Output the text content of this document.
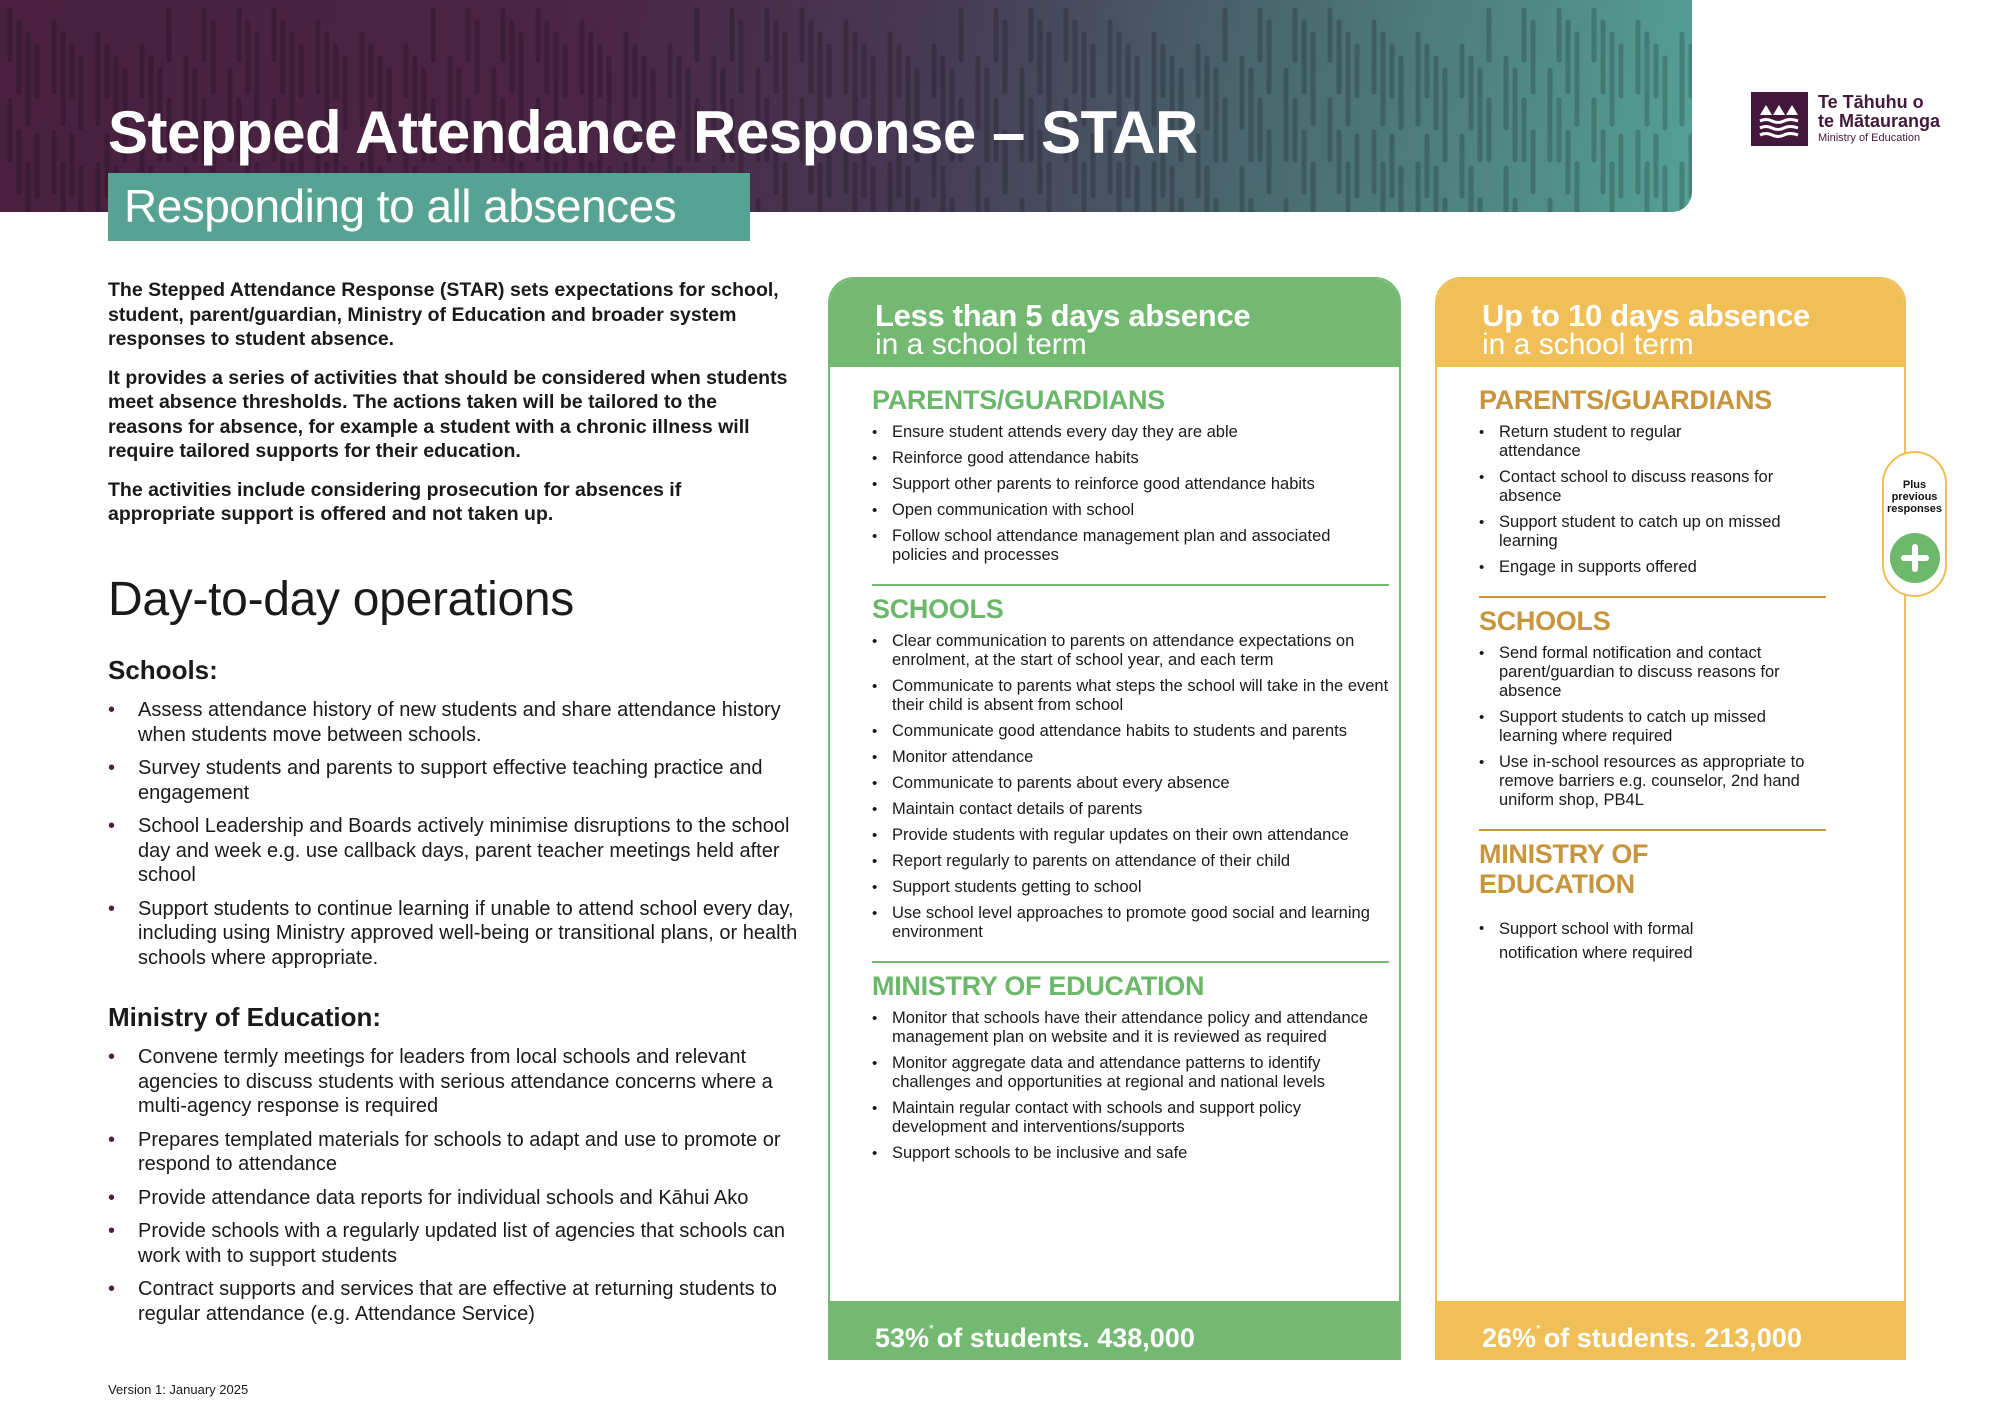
Stepped Attendance Response – STAR
Responding to all absences
Te Tāhuhu o
te Mātauranga
Ministry of Education

The Stepped Attendance Response (STAR) sets expectations for school, student, parent/guardian, Ministry of Education and broader system responses to student absence.

It provides a series of activities that should be considered when students meet absence thresholds. The actions taken will be tailored to the reasons for absence, for example a student with a chronic illness will require tailored supports for their education.

The activities include considering prosecution for absences if appropriate support is offered and not taken up.

Day-to-day operations
Schools:
• Assess attendance history of new students and share attendance history when students move between schools.
• Survey students and parents to support effective teaching practice and engagement
• School Leadership and Boards actively minimise disruptions to the school day and week e.g. use callback days, parent teacher meetings held after school
• Support students to continue learning if unable to attend school every day, including using Ministry approved well-being or transitional plans, or health schools where appropriate.
Ministry of Education:
• Convene termly meetings for leaders from local schools and relevant agencies to discuss students with serious attendance concerns where a multi-agency response is required
• Prepares templated materials for schools to adapt and use to promote or respond to attendance
• Provide attendance data reports for individual schools and Kāhui Ako
• Provide schools with a regularly updated list of agencies that schools can work with to support students
• Contract supports and services that are effective at returning students to regular attendance (e.g. Attendance Service)
Version 1: January 2025
Less than 5 days absence
in a school term
PARENTS/GUARDIANS
• Ensure student attends every day they are able
• Reinforce good attendance habits
• Support other parents to reinforce good attendance habits
• Open communication with school
• Follow school attendance management plan and associated policies and processes
SCHOOLS
• Clear communication to parents on attendance expectations on enrolment, at the start of school year, and each term
• Communicate to parents what steps the school will take in the event their child is absent from school
• Communicate good attendance habits to students and parents
• Monitor attendance
• Communicate to parents about every absence
• Maintain contact details of parents
• Provide students with regular updates on their own attendance
• Report regularly to parents on attendance of their child
• Support students getting to school
• Use school level approaches to promote good social and learning environment
MINISTRY OF EDUCATION
• Monitor that schools have their attendance policy and attendance management plan on website and it is reviewed as required
• Monitor aggregate data and attendance patterns to identify challenges and opportunities at regional and national levels
• Maintain regular contact with schools and support policy development and interventions/supports
• Support schools to be inclusive and safe
53%* of students. 438,000
Up to 10 days absence
in a school term
PARENTS/GUARDIANS
• Return student to regular attendance
• Contact school to discuss reasons for absence
• Support student to catch up on missed learning
• Engage in supports offered
SCHOOLS
• Send formal notification and contact parent/guardian to discuss reasons for absence
• Support students to catch up missed learning where required
• Use in-school resources as appropriate to remove barriers e.g. counselor, 2nd hand uniform shop, PB4L
MINISTRY OF EDUCATION
• Support school with formal notification where required
26%* of students. 213,000
Plus
previous
responses
